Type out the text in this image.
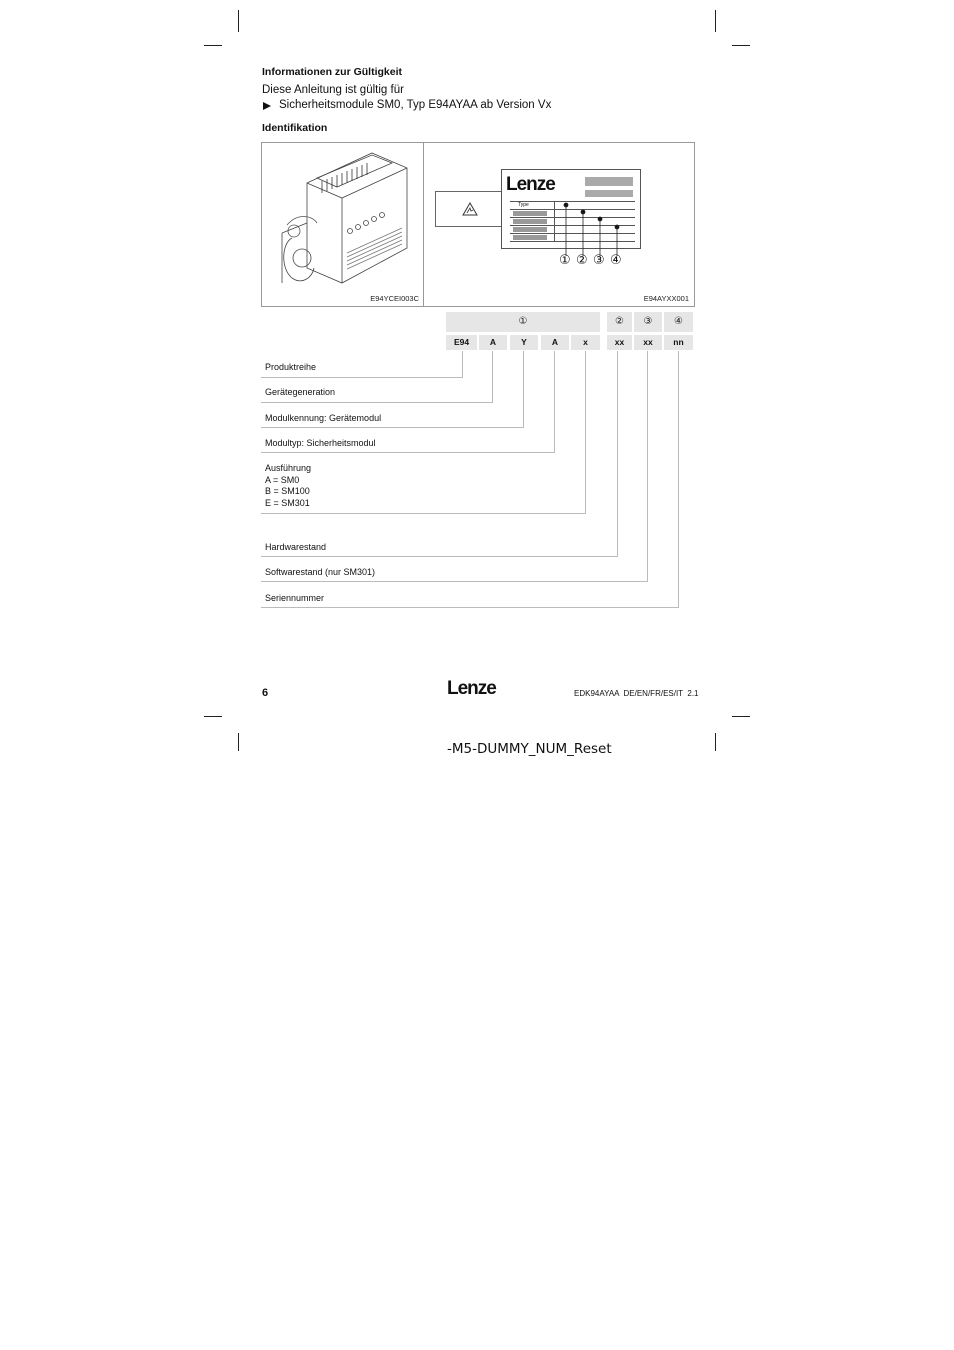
Informationen zur Gültigkeit
Diese Anleitung ist gültig für
Sicherheitsmodule SM0, Typ E94AYAA ab Version Vx
Identifikation
E94YCEI003C
Lenze
Type
① ② ③ ④
E94AYXX001
①	②	③	④
E94	A	Y	A	x	xx	xx	nn
Produktreihe
Gerätegeneration
Modulkennung: Gerätemodul
Modultyp: Sicherheitsmodul
Ausführung
A = SM0
B = SM100
E = SM301
Hardwarestand
Softwarestand (nur SM301)
Seriennummer
6	Lenze	EDK94AYAA  DE/EN/FR/ES/IT  2.1
-M5-DUMMY_NUM_Reset
